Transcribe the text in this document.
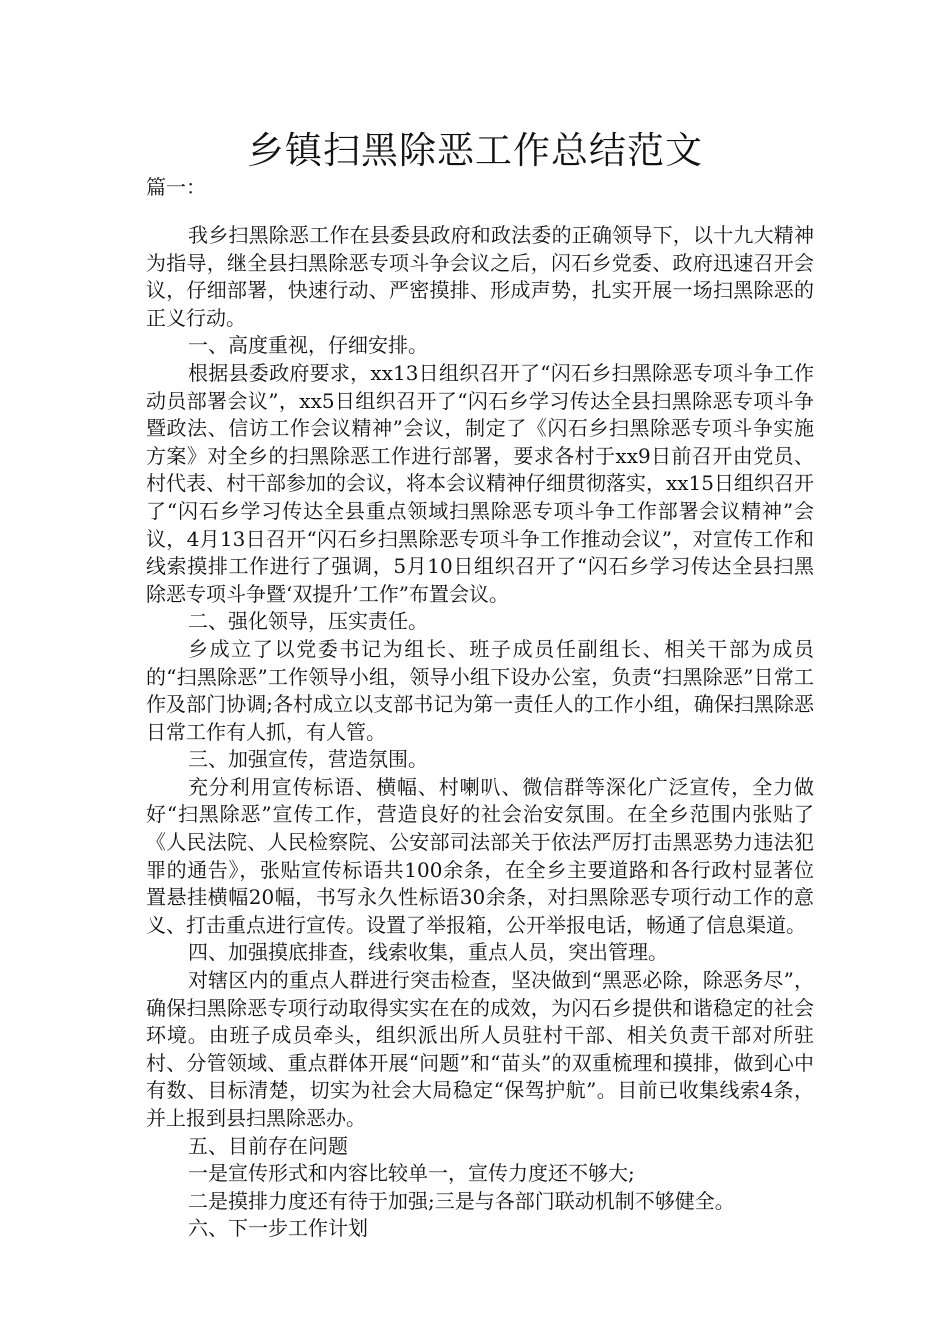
乡镇扫黑除恶工作总结范文

篇一：

我乡扫黑除恶工作在县委县政府和政法委的正确领导下，以十九大精神为指导，继全县扫黑除恶专项斗争会议之后，闪石乡党委、政府迅速召开会议，仔细部署，快速行动、严密摸排、形成声势，扎实开展一场扫黑除恶的正义行动。

一、高度重视，仔细安排。

根据县委政府要求，xx13日组织召开了“闪石乡扫黑除恶专项斗争工作动员部署会议”，xx5日组织召开了“闪石乡学习传达全县扫黑除恶专项斗争暨政法、信访工作会议精神”会议，制定了《闪石乡扫黑除恶专项斗争实施方案》对全乡的扫黑除恶工作进行部署，要求各村于xx9日前召开由党员、村代表、村干部参加的会议，将本会议精神仔细贯彻落实，xx15日组织召开了“闪石乡学习传达全县重点领域扫黑除恶专项斗争工作部署会议精神”会议，4月13日召开“闪石乡扫黑除恶专项斗争工作推动会议”，对宣传工作和线索摸排工作进行了强调，5月10日组织召开了“闪石乡学习传达全县扫黑除恶专项斗争暨‘双提升’工作”布置会议。

二、强化领导，压实责任。

乡成立了以党委书记为组长、班子成员任副组长、相关干部为成员的“扫黑除恶”工作领导小组，领导小组下设办公室，负责“扫黑除恶”日常工作及部门协调;各村成立以支部书记为第一责任人的工作小组，确保扫黑除恶日常工作有人抓，有人管。

三、加强宣传，营造氛围。

充分利用宣传标语、横幅、村喇叭、微信群等深化广泛宣传，全力做好“扫黑除恶”宣传工作，营造良好的社会治安氛围。在全乡范围内张贴了《人民法院、人民检察院、公安部司法部关于依法严厉打击黑恶势力违法犯罪的通告》，张贴宣传标语共100余条，在全乡主要道路和各行政村显著位置悬挂横幅20幅，书写永久性标语30余条，对扫黑除恶专项行动工作的意义、打击重点进行宣传。设置了举报箱，公开举报电话，畅通了信息渠道。

四、加强摸底排查，线索收集，重点人员，突出管理。

对辖区内的重点人群进行突击检查，坚决做到“黑恶必除，除恶务尽”，确保扫黑除恶专项行动取得实实在在的成效，为闪石乡提供和谐稳定的社会环境。由班子成员牵头，组织派出所人员驻村干部、相关负责干部对所驻村、分管领域、重点群体开展“问题”和“苗头”的双重梳理和摸排，做到心中有数、目标清楚，切实为社会大局稳定“保驾护航”。目前已收集线索4条，并上报到县扫黑除恶办。

五、目前存在问题

一是宣传形式和内容比较单一，宣传力度还不够大;

二是摸排力度还有待于加强;三是与各部门联动机制不够健全。

六、下一步工作计划
